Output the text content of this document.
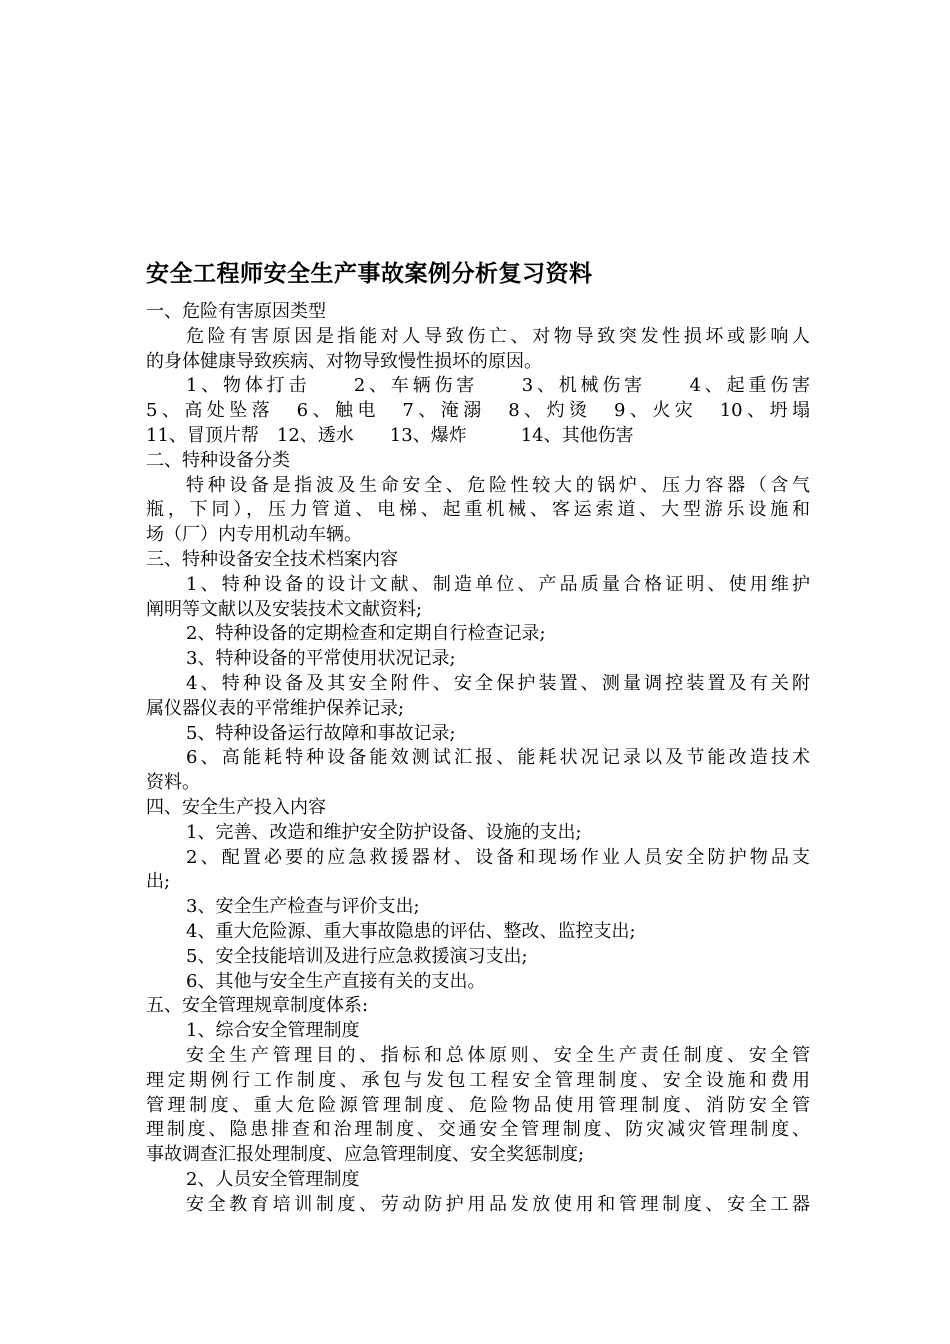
安全工程师安全生产事故案例分析复习资料
一、危险有害原因类型
危险有害原因是指能对人导致伤亡、对物导致突发性损坏或影响人
的身体健康导致疾病、对物导致慢性损坏的原因。
1、物体打击　　2、车辆伤害　　3、机械伤害　　4、起重伤害
5、高处坠落　6、触电　7、淹溺　8、灼烫　9、火灾　10、坍塌
11、冒顶片帮　12、透水　　13、爆炸　　　14、其他伤害
二、特种设备分类
特种设备是指波及生命安全、危险性较大的锅炉、压力容器（含气
瓶，下同），压力管道、电梯、起重机械、客运索道、大型游乐设施和
场（厂）内专用机动车辆。
三、特种设备安全技术档案内容
1、特种设备的设计文献、制造单位、产品质量合格证明、使用维护
阐明等文献以及安装技术文献资料;
2、特种设备的定期检查和定期自行检查记录;
3、特种设备的平常使用状况记录;
4、特种设备及其安全附件、安全保护装置、测量调控装置及有关附
属仪器仪表的平常维护保养记录;
5、特种设备运行故障和事故记录;
6、高能耗特种设备能效测试汇报、能耗状况记录以及节能改造技术
资料。
四、安全生产投入内容
1、完善、改造和维护安全防护设备、设施的支出;
2、配置必要的应急救援器材、设备和现场作业人员安全防护物品支
出;
3、安全生产检查与评价支出;
4、重大危险源、重大事故隐患的评估、整改、监控支出;
5、安全技能培训及进行应急救援演习支出;
6、其他与安全生产直接有关的支出。
五、安全管理规章制度体系:
1、综合安全管理制度
安全生产管理目的、指标和总体原则、安全生产责任制度、安全管
理定期例行工作制度、承包与发包工程安全管理制度、安全设施和费用
管理制度、重大危险源管理制度、危险物品使用管理制度、消防安全管
理制度、隐患排查和治理制度、交通安全管理制度、防灾减灾管理制度、
事故调查汇报处理制度、应急管理制度、安全奖惩制度;
2、人员安全管理制度
安全教育培训制度、劳动防护用品发放使用和管理制度、安全工器
